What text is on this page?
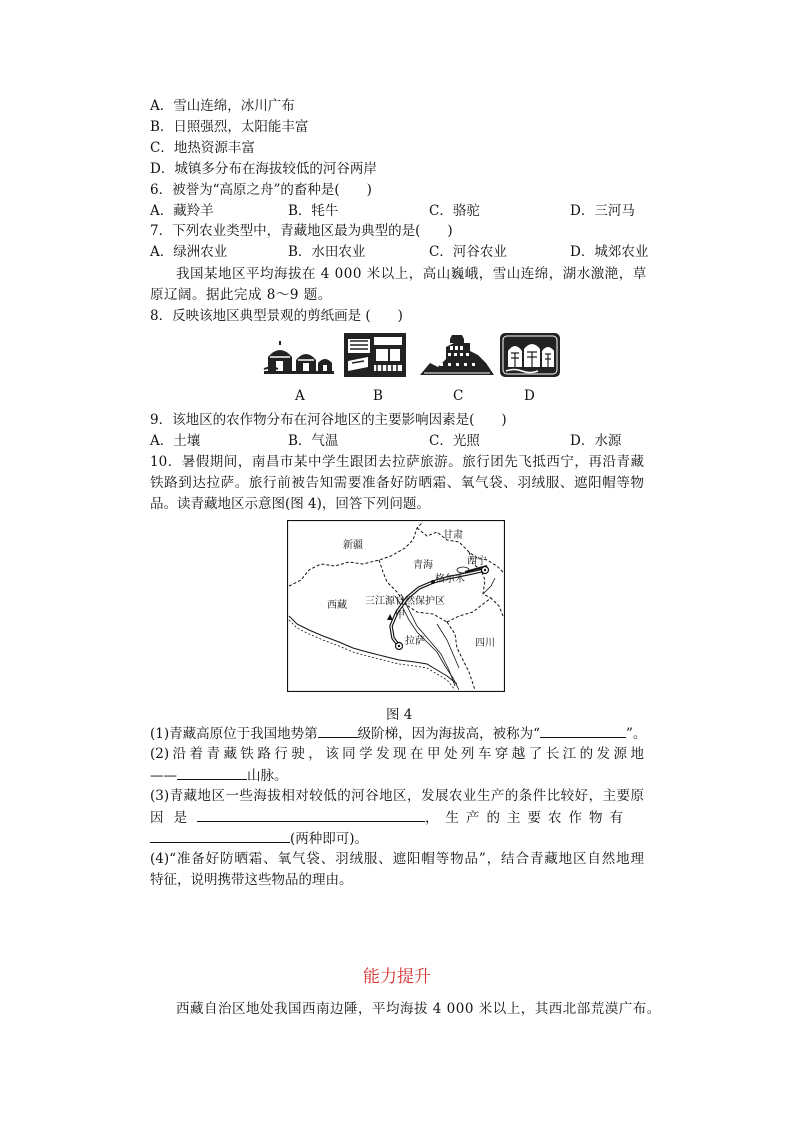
A．雪山连绵，冰川广布
B．日照强烈，太阳能丰富
C．地热资源丰富
D．城镇多分布在海拔较低的河谷两岸
6．被誉为“高原之舟”的畜种是(　　)
A．藏羚羊	B．牦牛	C．骆驼	D．三河马
7．下列农业类型中，青藏地区最为典型的是(　　)
A．绿洲农业	B．水田农业	C．河谷农业	D．城郊农业
我国某地区平均海拔在 4 000 米以上，高山巍峨，雪山连绵，湖水激滟，草
原辽阔。据此完成 8～9 题。
8．反映该地区典型景观的剪纸画是 (　　)
A	B	C	D
9．该地区的农作物分布在河谷地区的主要影响因素是(　　)
A．土壤	B．气温	C．光照	D．水源
10．暑假期间，南昌市某中学生跟团去拉萨旅游。旅行团先飞抵西宁，再沿青藏
铁路到达拉萨。旅行前被告知需要准备好防晒霜、氧气袋、羽绒服、遮阳帽等物
品。读青藏地区示意图(图 4)，回答下列问题。
新疆
甘肃
青海	西宁
格尔木
西藏 三江源自然保护区
甲
拉萨	四川
图 4
(1)青藏高原位于我国地势第	级阶梯，因为海拔高，被称为“	”。
(2)沿着青藏铁路行驶，该同学发现在甲处列车穿越了长江的发源地
——	山脉。
(3)青藏地区一些海拔相对较低的河谷地区，发展农业生产的条件比较好，主要原
因是	，生产的主要农作物有
(两种即可)。
(4)“准备好防晒霜、氧气袋、羽绒服、遮阳帽等物品”，结合青藏地区自然地理
特征，说明携带这些物品的理由。
能力提升
西藏自治区地处我国西南边陲，平均海拔 4 000 米以上，其西北部荒漠广布。
